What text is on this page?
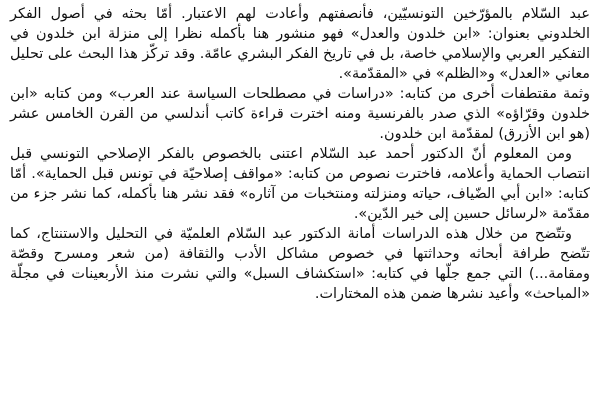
عبد السّلام بالمؤرّخين التونسيّين، فأنصفتهم وأعادت لهم الاعتبار. أمّا بحثه في أصول الفكر الخلدوني بعنوان: «ابن خلدون والعدل» فهو منشور هنا بأكمله نظرا إلى منزلة ابن خلدون في التفكير العربي والإسلامي خاصة، بل في تاريخ الفكر البشري عامّة. وقد تركّز هذا البحث على تحليل معاني «العدل» و«الظلم» في «المقدّمة».

وثمة مقتطفات أخرى من كتابه: «دراسات في مصطلحات السياسة عند العرب» ومن كتابه «ابن خلدون وقرّاؤه» الذي صدر بالفرنسية ومنه اخترت قراءة كاتب أندلسي من القرن الخامس عشر (هو ابن الأزرق) لمقدّمة ابن خلدون.

ومن المعلوم أنّ الدكتور أحمد عبد السّلام اعتنى بالخصوص بالفكر الإصلاحي التونسي قبل انتصاب الحماية وأعلامه، فاخترت نصوص من كتابه: «مواقف إصلاحيّة في تونس قبل الحماية». أمّا كتابه: «ابن أبي الضّياف، حياته ومنزلته ومنتخبات من آثاره» فقد نشر هنا بأكمله، كما نشر جزء من مقدّمة «لرسائل حسين إلى خير الدّين».

وتتّضح من خلال هذه الدراسات أمانة الدكتور عبد السّلام العلميّة في التحليل والاستنتاج، كما تتّضح طرافة أبحاثه وحداثتها في خصوص مشاكل الأدب والثقافة (من شعر ومسرح وقصّة ومقامة...) التي جمع جلّها في كتابه: «استكشاف السبل» والتي نشرت منذ الأربعينات في مجلّة «المباحث» وأعيد نشرها ضمن هذه المختارات.
